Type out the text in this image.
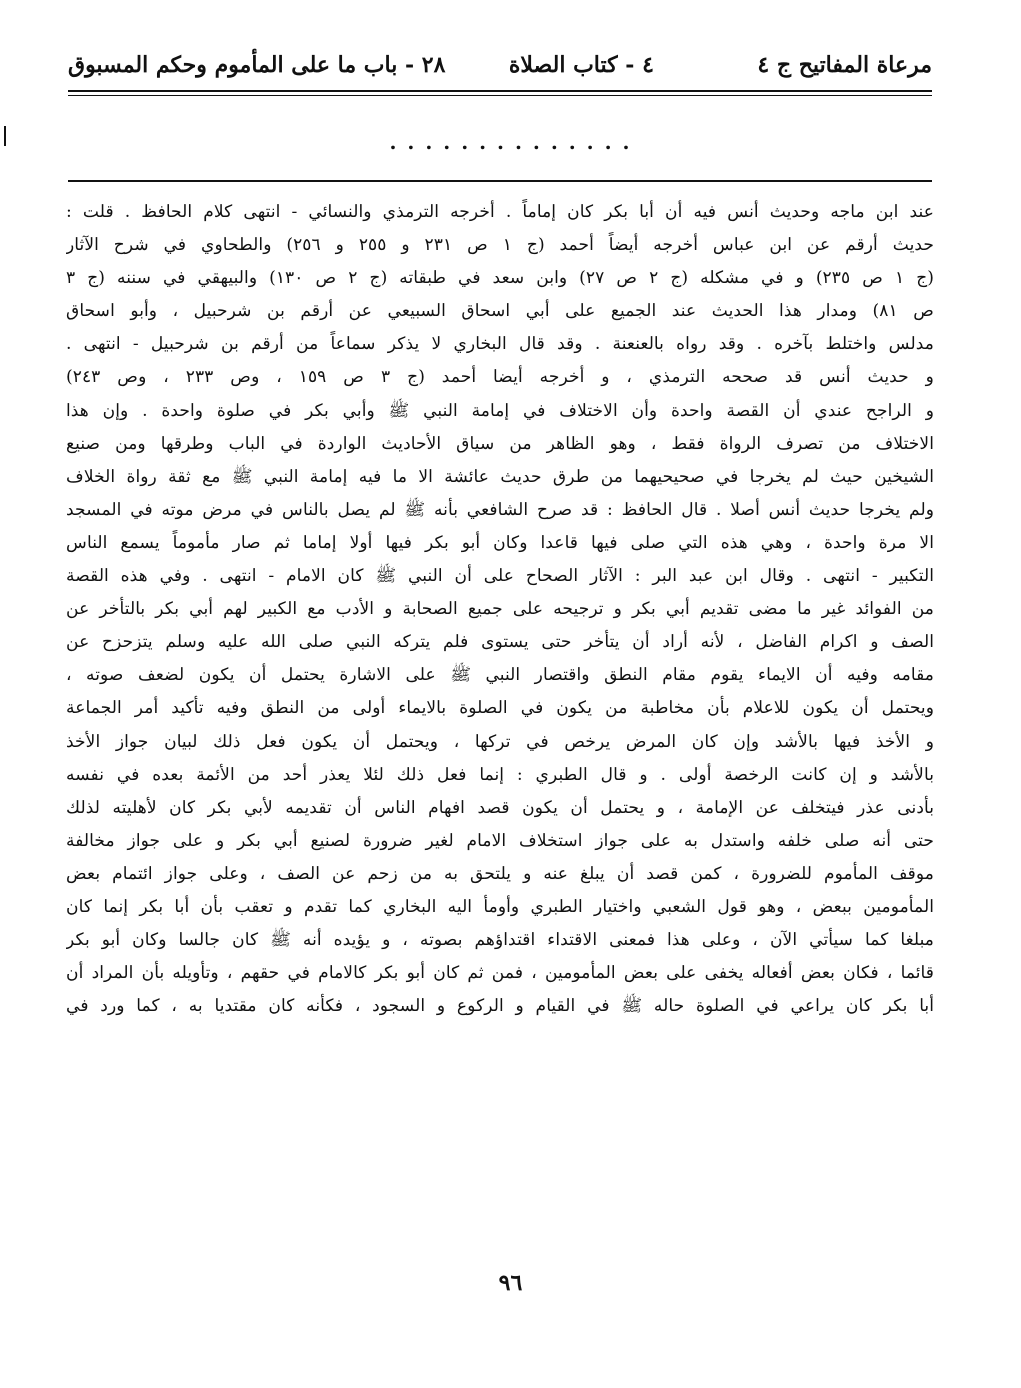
مرعاة المفاتيح ج ٤
٤ - كتاب الصلاة
٢٨ - باب ما على المأموم وحكم المسبوق
. . . . . . . . . . . . . .
عند ابن ماجه وحديث أنس فيه أن أبا بكر كان إماماً . أخرجه الترمذي والنسائي - انتهى كلام الحافظ . قلت :
حديث أرقم عن ابن عباس أخرجه أيضاً أحمد (ج ١ ص ٢٣١ و ٢٥٥ و ٢٥٦) والطحاوي في شرح الآثار
(ج ١ ص ٢٣٥) و في مشكله (ج ٢ ص ٢٧) وابن سعد في طبقاته (ج ٢ ص ١٣٠) والبيهقي في سننه (ج ٣
ص ٨١) ومدار هذا الحديث عند الجميع على أبي اسحاق السبيعي عن أرقم بن شرحبيل ، وأبو اسحاق
مدلس واختلط بآخره . وقد رواه بالعنعنة . وقد قال البخاري لا يذكر سماعاً من أرقم بن شرحبيل - انتهى .
و حديث أنس قد صححه الترمذي ، و أخرجه أيضا أحمد (ج ٣ ص ١٥٩ ، وص ٢٣٣ ، وص ٢٤٣)
و الراجح عندي أن القصة واحدة وأن الاختلاف في إمامة النبي ﷺ وأبي بكر في صلوة واحدة . وإن هذا
الاختلاف من تصرف الرواة فقط ، وهو الظاهر من سياق الأحاديث الواردة في الباب وطرقها ومن صنيع
الشيخين حيث لم يخرجا في صحيحيهما من طرق حديث عائشة الا ما فيه إمامة النبي ﷺ مع ثقة رواة الخلاف
ولم يخرجا حديث أنس أصلا . قال الحافظ : قد صرح الشافعي بأنه ﷺ لم يصل بالناس في مرض موته في المسجد
الا مرة واحدة ، وهي هذه التي صلى فيها قاعدا وكان أبو بكر فيها أولا إماما ثم صار مأموماً يسمع الناس
التكبير - انتهى . وقال ابن عبد البر : الآثار الصحاح على أن النبي ﷺ كان الامام - انتهى . وفي هذه القصة
من الفوائد غير ما مضى تقديم أبي بكر و ترجيحه على جميع الصحابة و الأدب مع الكبير لهم أبي بكر بالتأخر عن
الصف و اكرام الفاضل ، لأنه أراد أن يتأخر حتى يستوى فلم يتركه النبي صلى الله عليه وسلم يتزحزح عن
مقامه وفيه أن الايماء يقوم مقام النطق واقتصار النبي ﷺ على الاشارة يحتمل أن يكون لضعف صوته ،
ويحتمل أن يكون للاعلام بأن مخاطبة من يكون في الصلوة بالايماء أولى من النطق وفيه تأكيد أمر الجماعة
و الأخذ فيها بالأشد وإن كان المرض يرخص في تركها ، ويحتمل أن يكون فعل ذلك لبيان جواز الأخذ
بالأشد و إن كانت الرخصة أولى . و قال الطبري : إنما فعل ذلك لئلا يعذر أحد من الأئمة بعده في نفسه
بأدنى عذر فيتخلف عن الإمامة ، و يحتمل أن يكون قصد افهام الناس أن تقديمه لأبي بكر كان لأهليته لذلك
حتى أنه صلى خلفه واستدل به على جواز استخلاف الامام لغير ضرورة لصنيع أبي بكر و على جواز مخالفة
موقف المأموم للضرورة ، كمن قصد أن يبلغ عنه و يلتحق به من زحم عن الصف ، وعلى جواز ائتمام بعض
المأمومين ببعض ، وهو قول الشعبي واختيار الطبري وأومأ اليه البخاري كما تقدم و تعقب بأن أبا بكر إنما كان
مبلغا كما سيأتي الآن ، وعلى هذا فمعنى الاقتداء اقتداؤهم بصوته ، و يؤيده أنه ﷺ كان جالسا وكان أبو بكر
قائما ، فكان بعض أفعاله يخفى على بعض المأمومين ، فمن ثم كان أبو بكر كالامام في حقهم ، وتأويله بأن المراد أن
أبا بكر كان يراعي في الصلوة حاله ﷺ في القيام و الركوع و السجود ، فكأنه كان مقتديا به ، كما ورد في
٩٦
